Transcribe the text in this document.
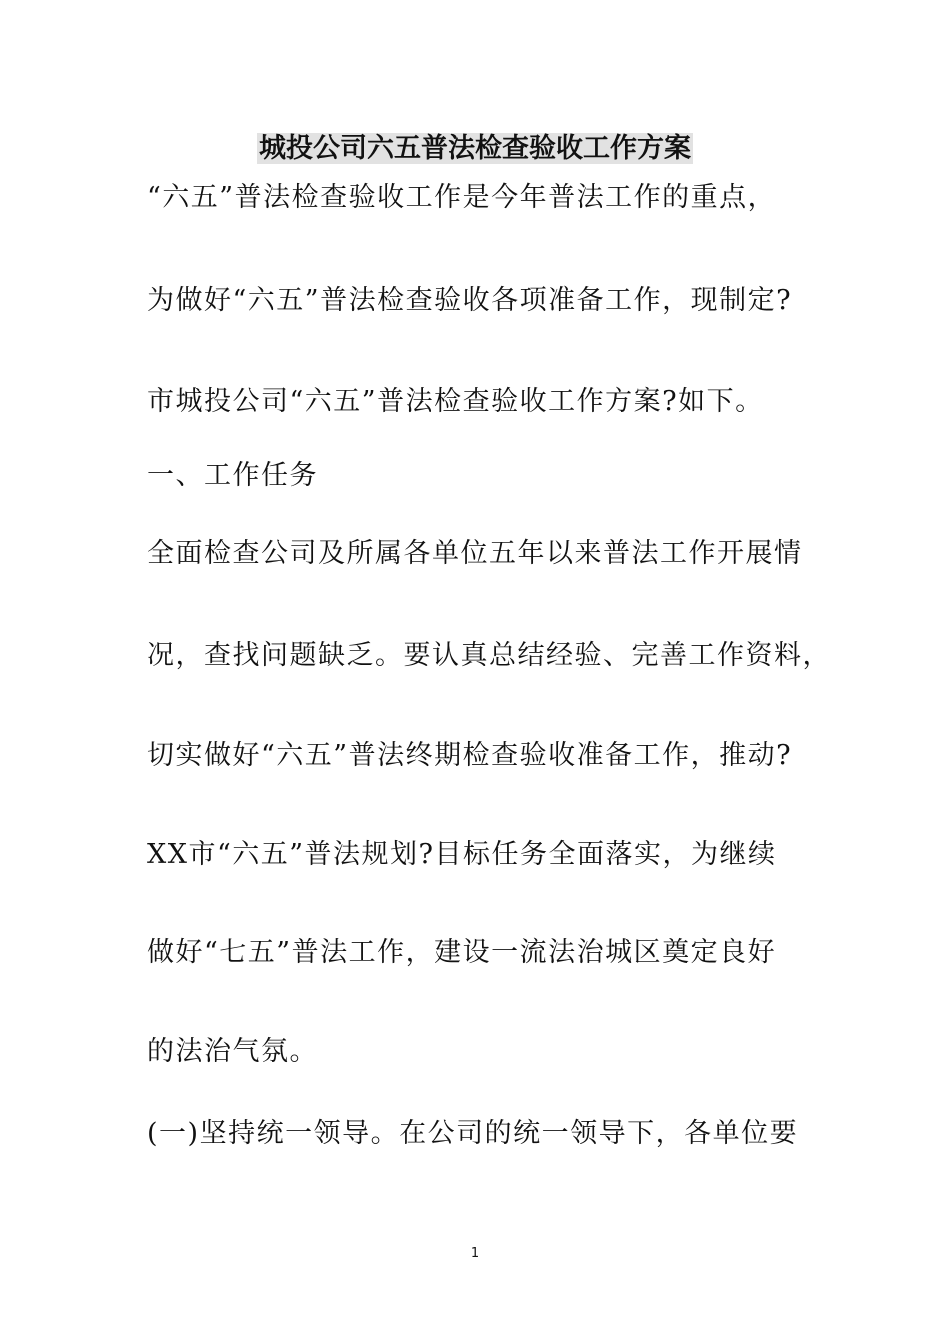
城投公司六五普法检查验收工作方案
“六五”普法检查验收工作是今年普法工作的重点，
为做好“六五”普法检查验收各项准备工作，现制定?
市城投公司“六五”普法检查验收工作方案?如下。
一、工作任务
全面检查公司及所属各单位五年以来普法工作开展情
况，查找问题缺乏。要认真总结经验、完善工作资料，
切实做好“六五”普法终期检查验收准备工作，推动?
XX市“六五”普法规划?目标任务全面落实，为继续
做好“七五”普法工作，建设一流法治城区奠定良好
的法治气氛。
(一)坚持统一领导。在公司的统一领导下，各单位要
1
